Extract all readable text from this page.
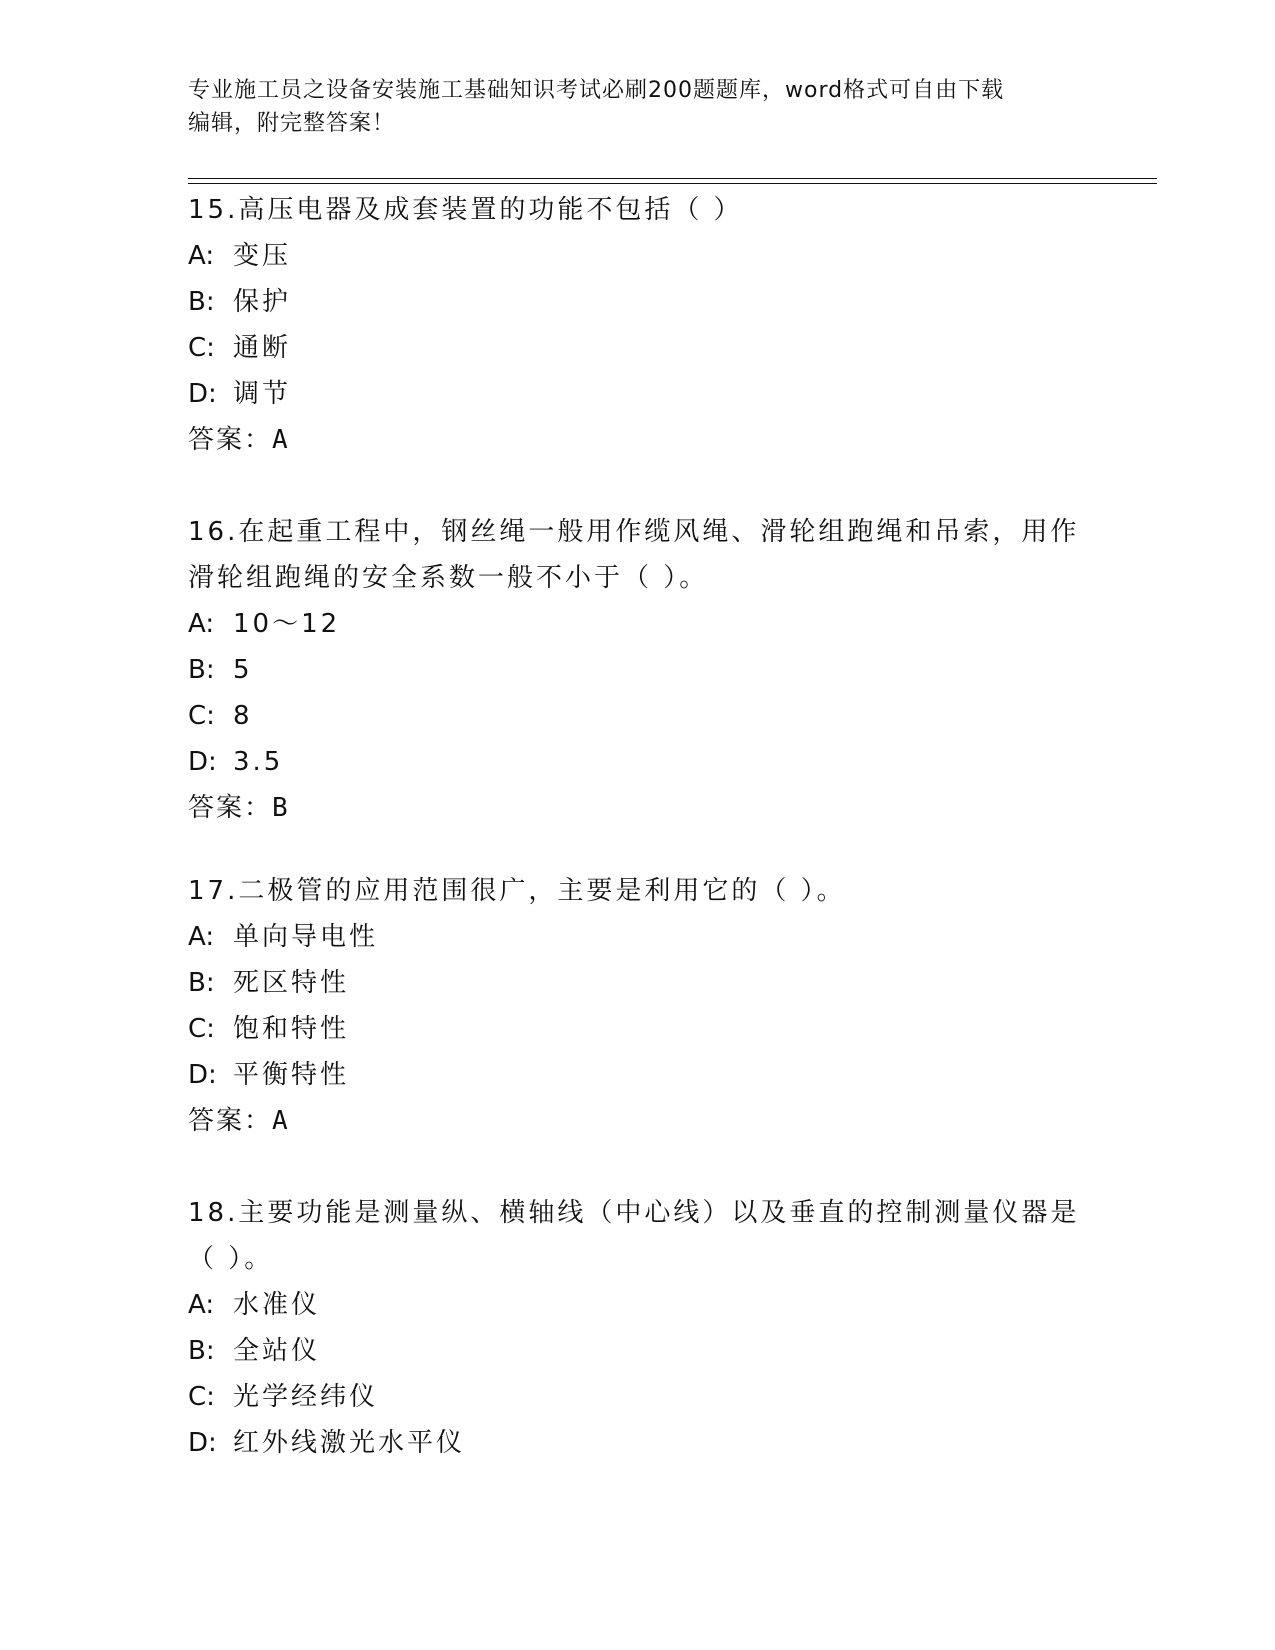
专业施工员之设备安装施工基础知识考试必刷200题题库，word格式可自由下载
编辑，附完整答案！
15.高压电器及成套装置的功能不包括（ ）
A: 变压
B: 保护
C: 通断
D: 调节
答案：A
16.在起重工程中，钢丝绳一般用作缆风绳、滑轮组跑绳和吊索，用作滑轮组跑绳的安全系数一般不小于（ ）。
A: 10～12
B: 5
C: 8
D: 3.5
答案：B
17.二极管的应用范围很广，主要是利用它的（ ）。
A: 单向导电性
B: 死区特性
C: 饱和特性
D: 平衡特性
答案：A
18.主要功能是测量纵、横轴线（中心线）以及垂直的控制测量仪器是（ ）。
A: 水准仪
B: 全站仪
C: 光学经纬仪
D: 红外线激光水平仪
